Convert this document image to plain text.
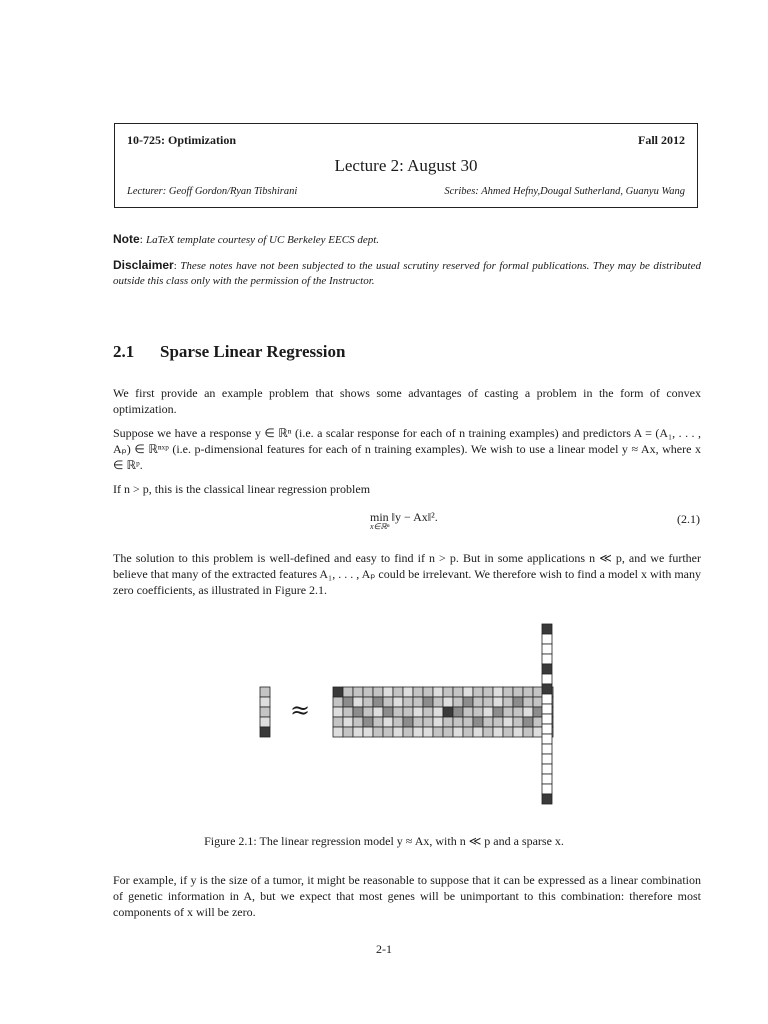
10-725: Optimization	Fall 2012
Lecture 2: August 30
Lecturer: Geoff Gordon/Ryan Tibshirani	Scribes: Ahmed Hefny,Dougal Sutherland, Guanyu Wang
Note: LaTeX template courtesy of UC Berkeley EECS dept.
Disclaimer: These notes have not been subjected to the usual scrutiny reserved for formal publications. They may be distributed outside this class only with the permission of the Instructor.
2.1 Sparse Linear Regression
We first provide an example problem that shows some advantages of casting a problem in the form of convex optimization.
Suppose we have a response y ∈ ℝⁿ (i.e. a scalar response for each of n training examples) and predictors A = (A₁, . . . , Aₚ) ∈ ℝⁿˣᵖ (i.e. p-dimensional features for each of n training examples). We wish to use a linear model y ≈ Ax, where x ∈ ℝᵖ.
If n > p, this is the classical linear regression problem
min ‖y − Ax‖².
x∈ℝⁿ
(2.1)
The solution to this problem is well-defined and easy to find if n > p. But in some applications n ≪ p, and we further believe that many of the extracted features A₁, . . . , Aₚ could be irrelevant. We therefore wish to find a model x with many zero coefficients, as illustrated in Figure 2.1.
≈
Figure 2.1: The linear regression model y ≈ Ax, with n ≪ p and a sparse x.
For example, if y is the size of a tumor, it might be reasonable to suppose that it can be expressed as a linear combination of genetic information in A, but we expect that most genes will be unimportant to this combination: therefore most components of x will be zero.
2-1
